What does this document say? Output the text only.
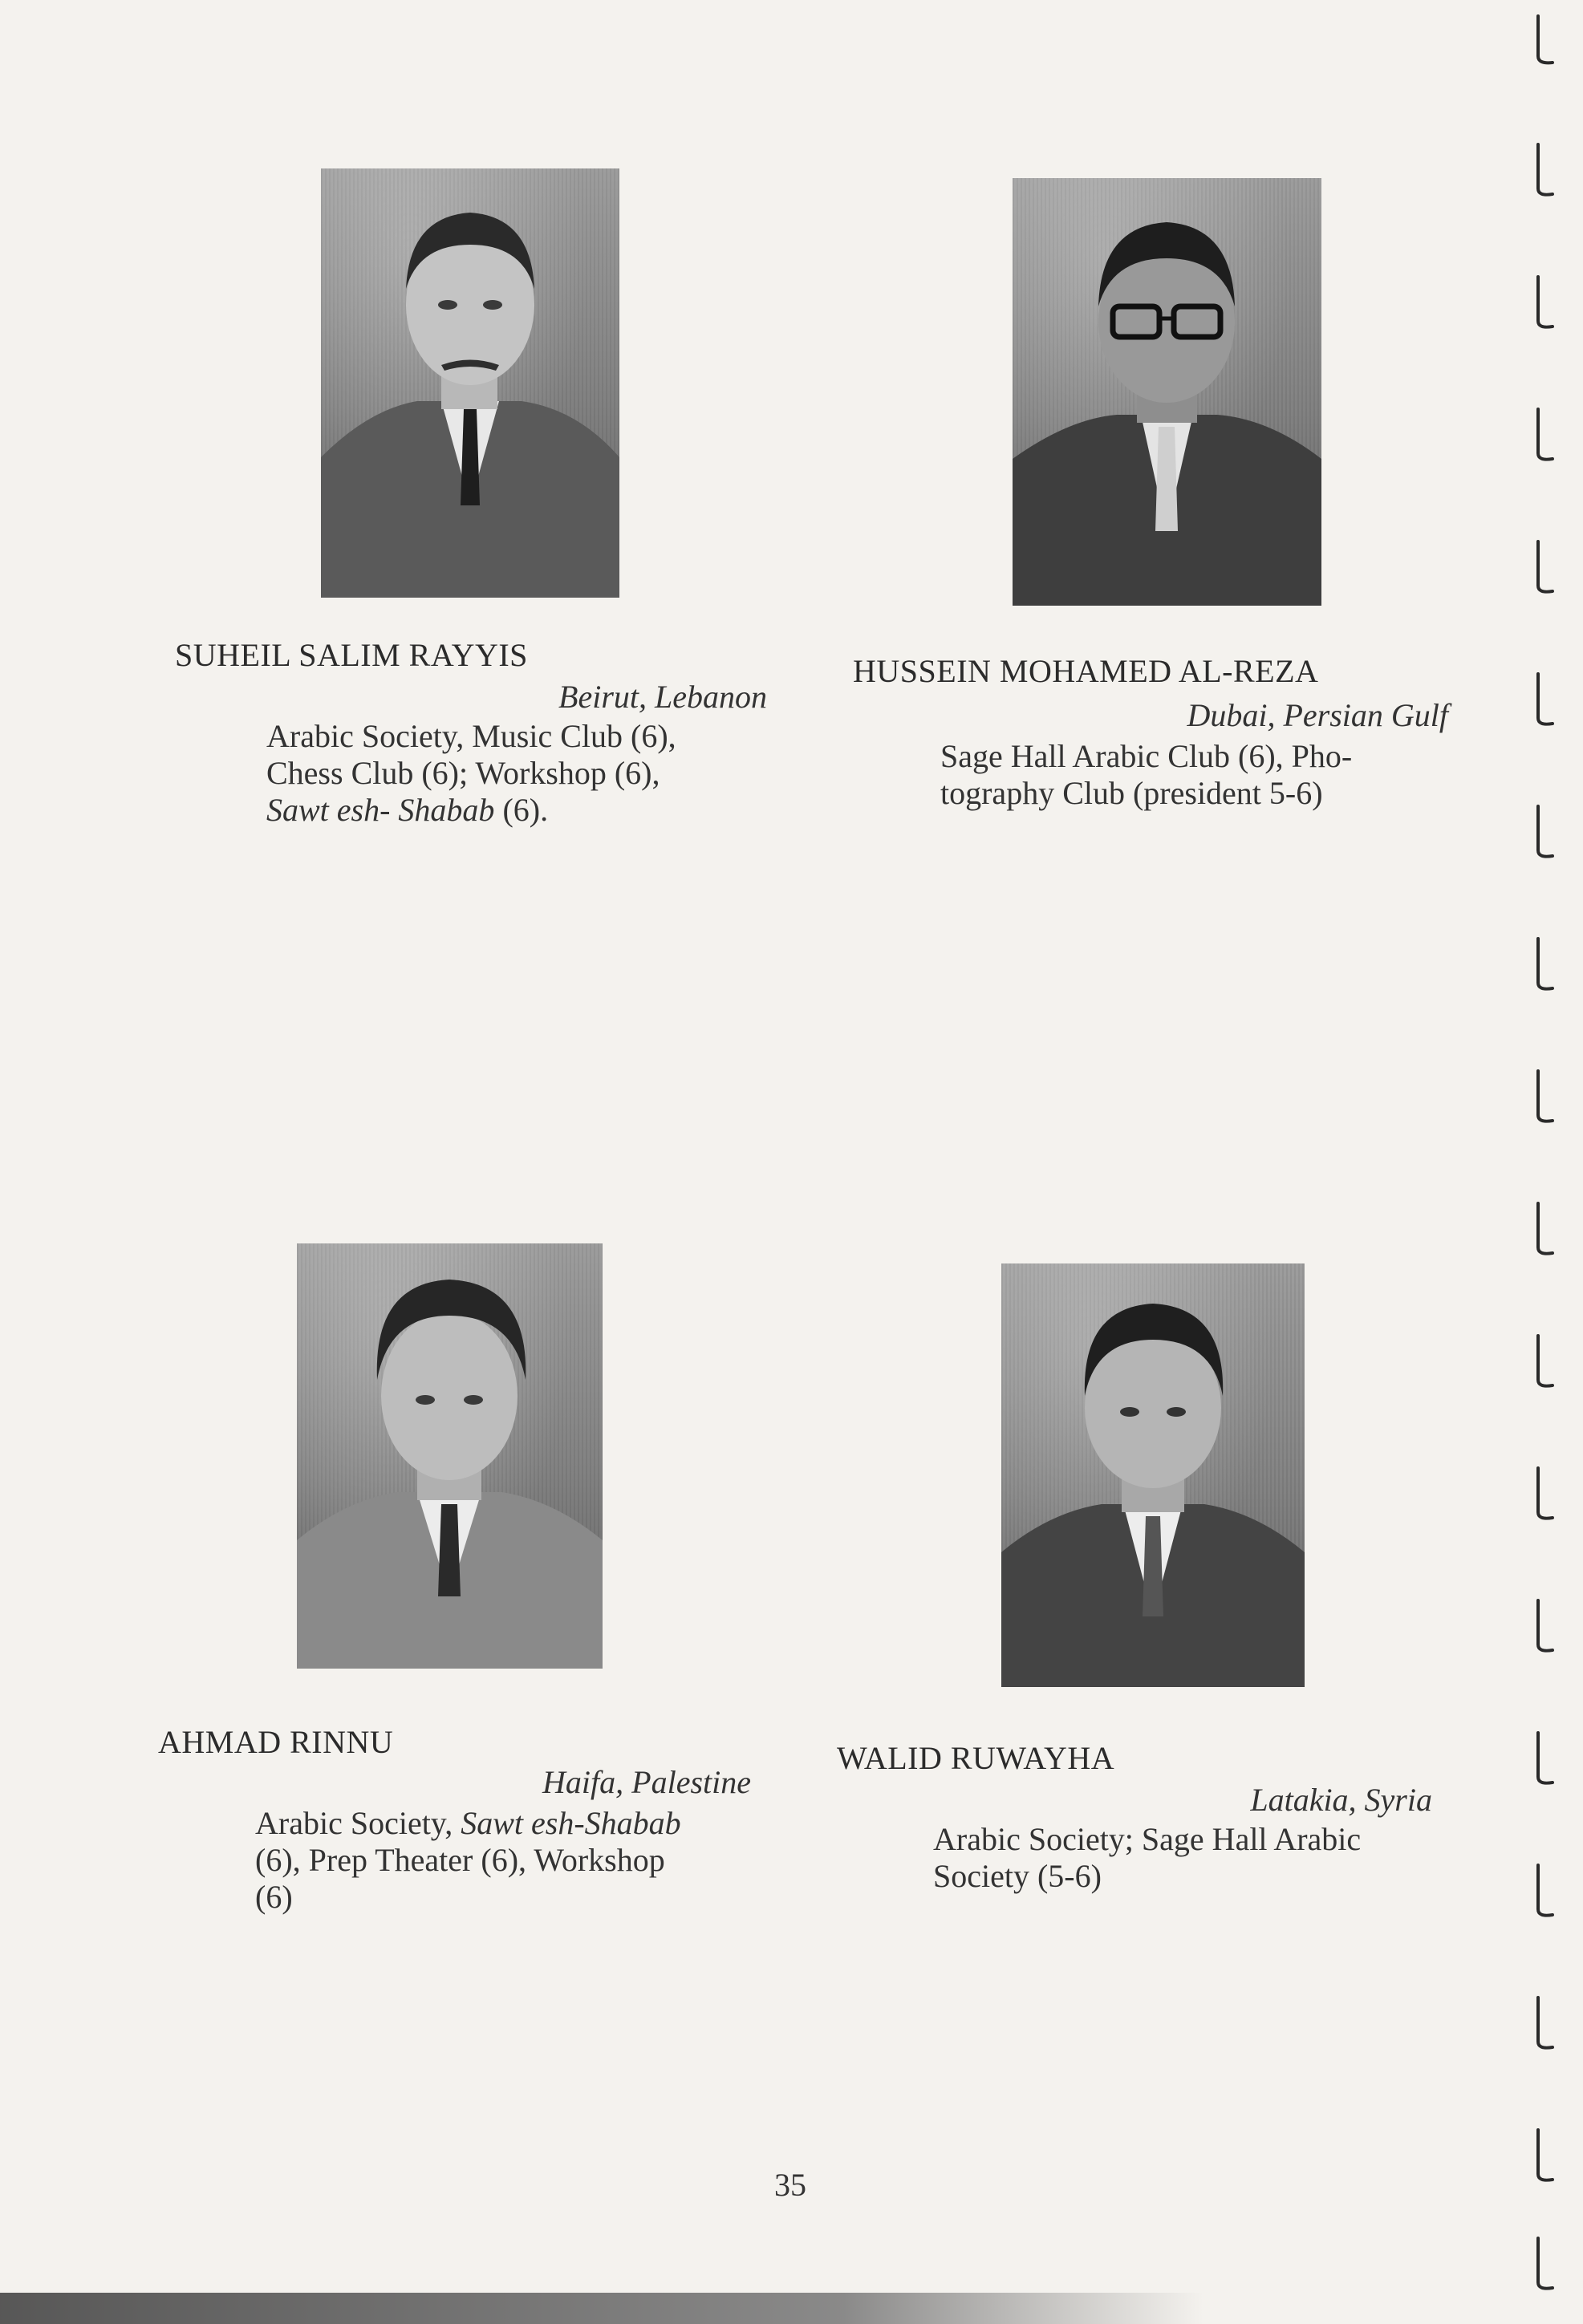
SUHEIL SALIM RAYYIS
Beirut, Lebanon
Arabic Society, Music Club (6),
Chess Club (6); Workshop (6),
Sawt esh- Shabab (6).
HUSSEIN MOHAMED AL-REZA
Dubai, Persian Gulf
Sage Hall Arabic Club (6), Pho-
tography Club (president 5-6)
AHMAD RINNU
Haifa, Palestine
Arabic Society, Sawt esh-Shabab
(6), Prep Theater (6), Workshop
(6)
WALID RUWAYHA
Latakia, Syria
Arabic Society; Sage Hall Arabic
Society (5-6)
35
